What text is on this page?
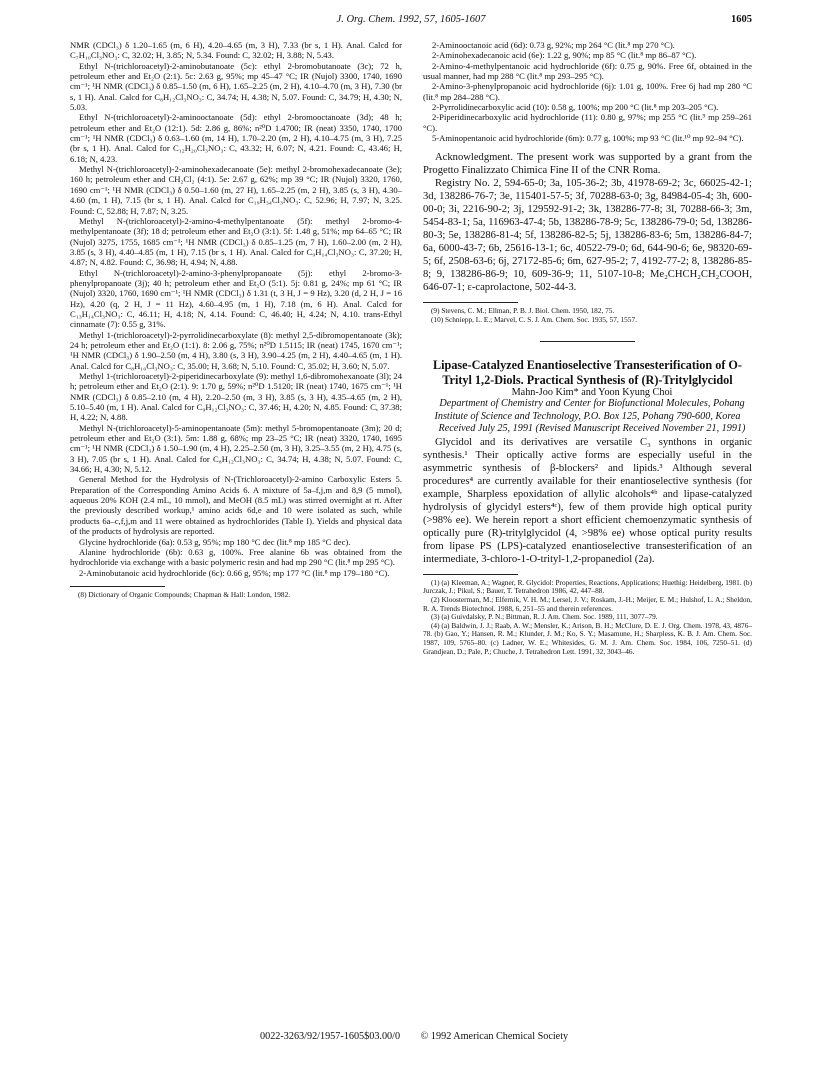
J. Org. Chem. 1992, 57, 1605-1607	1605

NMR (CDCl₃) δ 1.20–1.65 (m, 6 H), 4.20–4.65 (m, 3 H), 7.33 (br s, 1 H). Anal. Calcd for C₇H₁₀Cl₃NO₃: C, 32.02; H, 3.85; N, 5.34. Found: C, 32.02; H, 3.88; N, 5.43.

Ethyl N-(trichloroacetyl)-2-aminobutanoate (5c): ethyl 2-bromobutanoate (3c); 72 h, petroleum ether and Et₂O (2:1). 5c: 2.63 g, 95%; mp 45–47 °C; IR (Nujol) 3300, 1740, 1690 cm⁻¹; ¹H NMR (CDCl₃) δ 0.85–1.50 (m, 6 H), 1.65–2.25 (m, 2 H), 4.10–4.70 (m, 3 H), 7.30 (br s, 1 H). Anal. Calcd for C₈H₁₂Cl₃NO₃: C, 34.74; H, 4.38; N, 5.07. Found: C, 34.79; H, 4.30; N, 5.03.

Ethyl N-(trichloroacetyl)-2-aminooctanoate (5d): ethyl 2-bromooctanoate (3d); 48 h; petroleum ether and Et₂O (12:1). 5d: 2.86 g, 86%; n²⁰D 1.4700; IR (neat) 3350, 1740, 1700 cm⁻¹; ¹H NMR (CDCl₃) δ 0.63–1.60 (m, 14 H), 1.70–2.20 (m, 2 H), 4.10–4.75 (m, 3 H), 7.25 (br s, 1 H). Anal. Calcd for C₁₂H₂₀Cl₃NO₃: C, 43.32; H, 6.07; N, 4.21. Found: C, 43.46; H, 6.18; N, 4.23.

Methyl N-(trichloroacetyl)-2-aminohexadecanoate (5e): methyl 2-bromohexadecanoate (3e); 160 h; petroleum ether and CH₂Cl₂ (4:1). 5e: 2.67 g, 62%; mp 39 °C; IR (Nujol) 3320, 1760, 1690 cm⁻¹; ¹H NMR (CDCl₃) δ 0.50–1.60 (m, 27 H), 1.65–2.25 (m, 2 H), 3.85 (s, 3 H), 4.30–4.60 (m, 1 H), 7.15 (br s, 1 H). Anal. Calcd for C₁₉H₃₄Cl₃NO₃: C, 52.96; H, 7.97; N, 3.25. Found: C, 52.88; H, 7.87; N, 3.25.

Methyl N-(trichloroacetyl)-2-amino-4-methylpentanoate (5f): methyl 2-bromo-4-methylpentanoate (3f); 18 d; petroleum ether and Et₂O (3:1). 5f: 1.48 g, 51%; mp 64–65 °C; IR (Nujol) 3275, 1755, 1685 cm⁻¹; ¹H NMR (CDCl₃) δ 0.85–1.25 (m, 7 H), 1.60–2.00 (m, 2 H), 3.85 (s, 3 H), 4.40–4.85 (m, 1 H), 7.15 (br s, 1 H). Anal. Calcd for C₉H₁₄Cl₃NO₃: C, 37.20; H, 4.87; N, 4.82. Found: C, 36.98; H, 4.94; N, 4.88.

Ethyl N-(trichloroacetyl)-2-amino-3-phenylpropanoate (5j): ethyl 2-bromo-3-phenylpropanoate (3j); 40 h; petroleum ether and Et₂O (5:1). 5j: 0.81 g, 24%; mp 61 °C; IR (Nujol) 3320, 1760, 1690 cm⁻¹; ¹H NMR (CDCl₃) δ 1.31 (t, 3 H, J = 9 Hz), 3.20 (d, 2 H, J = 16 Hz), 4.20 (q, 2 H, J = 11 Hz), 4.60–4.95 (m, 1 H), 7.18 (m, 6 H). Anal. Calcd for C₁₃H₁₄Cl₃NO₃: C, 46.11; H, 4.18; N, 4.14. Found: C, 46.40; H, 4.24; N, 4.10. trans-Ethyl cinnamate (7): 0.55 g, 31%.

Methyl 1-(trichloroacetyl)-2-pyrrolidinecarboxylate (8): methyl 2,5-dibromopentanoate (3k); 24 h; petroleum ether and Et₂O (1:1). 8: 2.06 g, 75%; n²⁰D 1.5115; IR (neat) 1745, 1670 cm⁻¹; ¹H NMR (CDCl₃) δ 1.90–2.50 (m, 4 H), 3.80 (s, 3 H), 3.90–4.25 (m, 2 H), 4.40–4.65 (m, 1 H). Anal. Calcd for C₈H₁₀Cl₃NO₃: C, 35.00; H, 3.68; N, 5.10. Found: C, 35.02; H, 3.60; N, 5.07.

Methyl 1-(trichloroacetyl)-2-piperidinecarboxylate (9): methyl 1,6-dibromohexanoate (3l); 24 h; petroleum ether and Et₂O (2:1). 9: 1.70 g, 59%; n²⁰D 1.5120; IR (neat) 1740, 1675 cm⁻¹; ¹H NMR (CDCl₃) δ 0.85–2.10 (m, 4 H), 2.20–2.50 (m, 3 H), 3.85 (s, 3 H), 4.35–4.65 (m, 2 H), 5.10–5.40 (m, 1 H). Anal. Calcd for C₉H₁₂Cl₃NO₃: C, 37.46; H, 4.20; N, 4.85. Found: C, 37.38; H, 4.22; N, 4.88.

Methyl N-(trichloroacetyl)-5-aminopentanoate (5m): methyl 5-bromopentanoate (3m); 20 d; petroleum ether and Et₂O (3:1). 5m: 1.88 g, 68%; mp 23–25 °C; IR (neat) 3320, 1740, 1695 cm⁻¹; ¹H NMR (CDCl₃) δ 1.50–1.90 (m, 4 H), 2.25–2.50 (m, 3 H), 3.25–3.55 (m, 2 H), 4.75 (s, 3 H), 7.05 (br s, 1 H). Anal. Calcd for C₈H₁₂Cl₃NO₃: C, 34.74; H, 4.38; N, 5.07. Found: C, 34.66; H, 4.30; N, 5.12.

General Method for the Hydrolysis of N-(Trichloroacetyl)-2-amino Carboxylic Esters 5. Preparation of the Corresponding Amino Acids 6. A mixture of 5a–f,j,m and 8,9 (5 mmol), aqueous 20% KOH (2.4 mL, 10 mmol), and MeOH (8.5 mL) was stirred overnight at rt. After the previously described workup,¹ amino acids 6d,e and 10 were isolated as such, while products 6a–c,f,j,m and 11 were obtained as hydrochlorides (Table I). Yields and physical data of the products of hydrolysis are reported.

Glycine hydrochloride (6a): 0.53 g, 95%; mp 180 °C dec (lit.⁸ mp 185 °C dec).

Alanine hydrochloride (6b): 0.63 g, 100%. Free alanine 6b was obtained from the hydrochloride via exchange with a basic polymeric resin and had mp 290 °C (lit.⁸ mp 295 °C).

2-Aminobutanoic acid hydrochloride (6c): 0.66 g, 95%; mp 177 °C (lit.⁸ mp 179–180 °C).

(8) Dictionary of Organic Compounds; Chapman & Hall: London, 1982.

2-Aminooctanoic acid (6d): 0.73 g, 92%; mp 264 °C (lit.⁸ mp 270 °C).

2-Aminohexadecanoic acid (6e): 1.22 g, 90%; mp 85 °C (lit.⁸ mp 86–87 °C).

2-Amino-4-methylpentanoic acid hydrochloride (6f): 0.75 g, 90%. Free 6f, obtained in the usual manner, had mp 288 °C (lit.⁸ mp 293–295 °C).

2-Amino-3-phenylpropanoic acid hydrochloride (6j): 1.01 g, 100%. Free 6j had mp 280 °C (lit.⁸ mp 284–288 °C).

2-Pyrrolidinecarboxylic acid (10): 0.58 g, 100%; mp 200 °C (lit.⁸ mp 203–205 °C).

2-Piperidinecarboxylic acid hydrochloride (11): 0.80 g, 97%; mp 255 °C (lit.⁹ mp 259–261 °C).

5-Aminopentanoic acid hydrochloride (6m): 0.77 g, 100%; mp 93 °C (lit.¹⁰ mp 92–94 °C).

Acknowledgment. The present work was supported by a grant from the Progetto Finalizzato Chimica Fine II of the CNR Roma.

Registry No. 2, 594-65-0; 3a, 105-36-2; 3b, 41978-69-2; 3c, 66025-42-1; 3d, 138286-76-7; 3e, 115401-57-5; 3f, 70288-63-0; 3g, 84984-05-4; 3h, 600-00-0; 3i, 2216-90-2; 3j, 129592-91-2; 3k, 138286-77-8; 3l, 70288-66-3; 3m, 5454-83-1; 5a, 116963-47-4; 5b, 138286-78-9; 5c, 138286-79-0; 5d, 138286-80-3; 5e, 138286-81-4; 5f, 138286-82-5; 5j, 138286-83-6; 5m, 138286-84-7; 6a, 6000-43-7; 6b, 25616-13-1; 6c, 40522-79-0; 6d, 644-90-6; 6e, 98320-69-5; 6f, 2508-63-6; 6j, 27172-85-6; 6m, 627-95-2; 7, 4192-77-2; 8, 138286-85-8; 9, 138286-86-9; 10, 609-36-9; 11, 5107-10-8; Me₂CHCH₂CH₂COOH, 646-07-1; ε-caprolactone, 502-44-3.

(9) Stevens, C. M.; Ellman, P. B. J. Biol. Chem. 1950, 182, 75.

(10) Schniepp, L. E.; Marvel, C. S. J. Am. Chem. Soc. 1935, 57, 1557.

Lipase-Catalyzed Enantioselective Transesterification of O-Trityl 1,2-Diols. Practical Synthesis of (R)-Tritylglycidol

Mahn-Joo Kim* and Yoon Kyung Choi

Department of Chemistry and Center for Biofunctional Molecules, Pohang Institute of Science and Technology, P.O. Box 125, Pohang 790-600, Korea

Received July 25, 1991 (Revised Manuscript Received November 21, 1991)

Glycidol and its derivatives are versatile C₃ synthons in organic synthesis.¹ Their optically active forms are especially useful in the asymmetric synthesis of β-blockers² and lipids.³ Although several procedures⁴ are currently available for their enantioselective synthesis (for example, Sharpless epoxidation of allylic alcohols⁴ᵇ and lipase-catalyzed hydrolysis of glycidyl esters⁴ᶜ), few of them provide high optical purity (>98% ee). We herein report a short efficient chemoenzymatic synthesis of optically pure (R)-tritylglycidol (4, >98% ee) whose optical purity results from lipase PS (LPS)-catalyzed enantioselective transesterification of an intermediate, 3-chloro-1-O-trityl-1,2-propanediol (2a).

(1) (a) Kleeman, A.; Wagner, R. Glycidol: Properties, Reactions, Applications; Huethig: Heidelberg, 1981. (b) Jurczak, J.; Pikul, S.; Bauer, T. Tetrahedron 1986, 42, 447–88.

(2) Kloosterman, M.; Elfernik, V. H. M.; Lersel, J. V.; Roskam, J.-H.; Meijer, E. M.; Hulshof, L. A.; Sheldon, R. A. Trends Biotechnol. 1988, 6, 251–55 and therein references.

(3) (a) Guivdalsky, P. N.; Bittman, R. J. Am. Chem. Soc. 1989, 111, 3077–79.

(4) (a) Baldwin, J. J.; Raab, A. W.; Mensler, K.; Arison, B. H.; McClure, D. E. J. Org. Chem. 1978, 43, 4876–78. (b) Gao, Y.; Hansen, R. M.; Klunder, J. M.; Ko, S. Y.; Masamune, H.; Sharpless, K. B. J. Am. Chem. Soc. 1987, 109, 5765–80. (c) Ladner, W. E.; Whitesides, G. M. J. Am. Chem. Soc. 1984, 106, 7250–51. (d) Grandjean, D.; Pale, P.; Chuche, J. Tetrahedron Lett. 1991, 32, 3043–46.

0022-3263/92/1957-1605$03.00/0 © 1992 American Chemical Society
